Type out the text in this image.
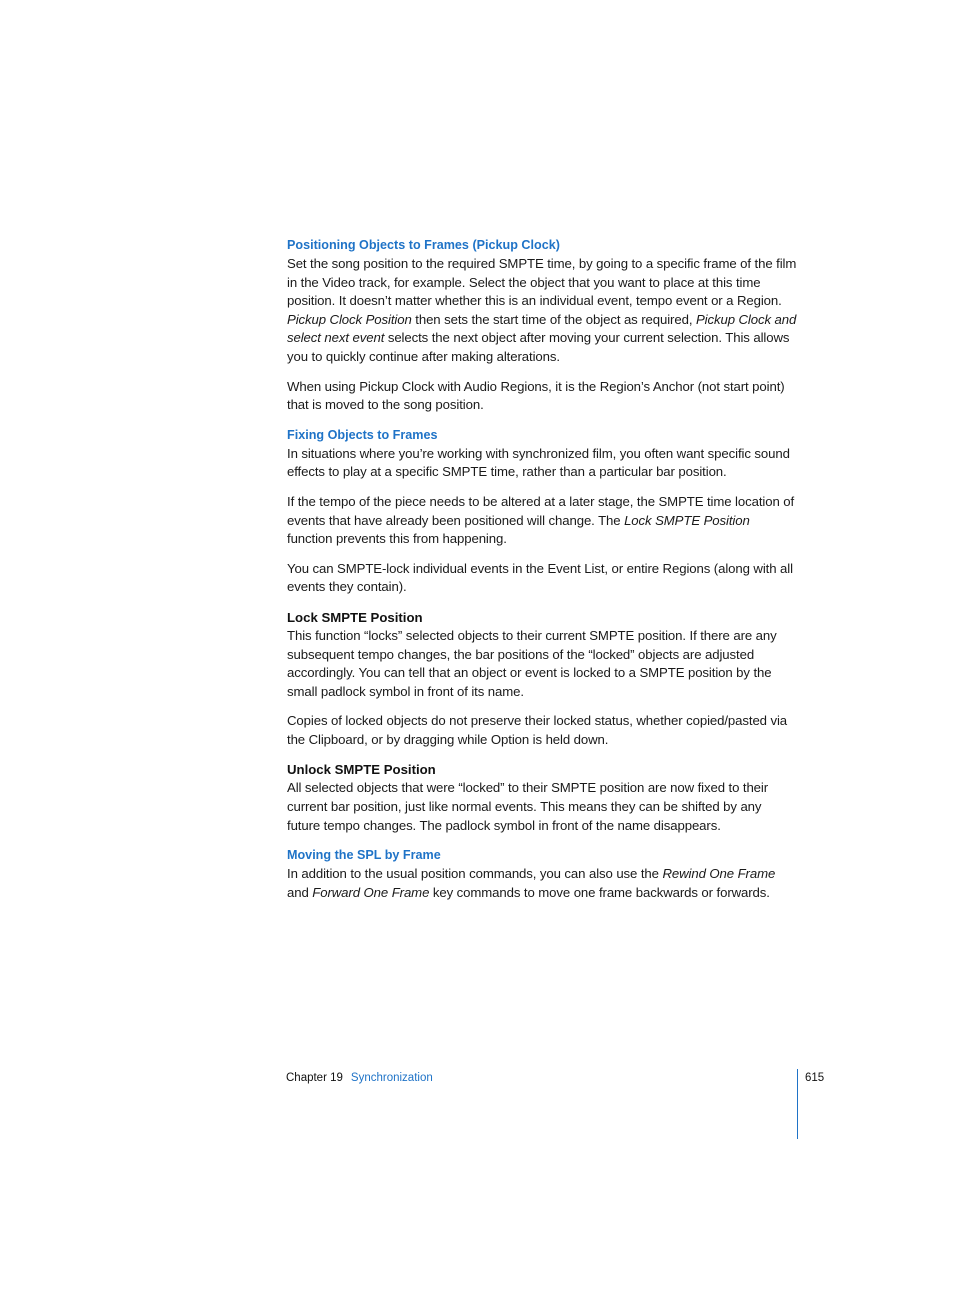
Positioning Objects to Frames (Pickup Clock)

Set the song position to the required SMPTE time, by going to a specific frame of the film in the Video track, for example. Select the object that you want to place at this time position. It doesn’t matter whether this is an individual event, tempo event or a Region. Pickup Clock Position then sets the start time of the object as required, Pickup Clock and select next event selects the next object after moving your current selection. This allows you to quickly continue after making alterations.

When using Pickup Clock with Audio Regions, it is the Region’s Anchor (not start point) that is moved to the song position.

Fixing Objects to Frames

In situations where you’re working with synchronized film, you often want specific sound effects to play at a specific SMPTE time, rather than a particular bar position.

If the tempo of the piece needs to be altered at a later stage, the SMPTE time location of events that have already been positioned will change. The Lock SMPTE Position function prevents this from happening.

You can SMPTE-lock individual events in the Event List, or entire Regions (along with all events they contain).

Lock SMPTE Position

This function “locks” selected objects to their current SMPTE position. If there are any subsequent tempo changes, the bar positions of the “locked” objects are adjusted accordingly. You can tell that an object or event is locked to a SMPTE position by the small padlock symbol in front of its name.

Copies of locked objects do not preserve their locked status, whether copied/pasted via the Clipboard, or by dragging while Option is held down.

Unlock SMPTE Position

All selected objects that were “locked” to their SMPTE position are now fixed to their current bar position, just like normal events. This means they can be shifted by any future tempo changes. The padlock symbol in front of the name disappears.

Moving the SPL by Frame

In addition to the usual position commands, you can also use the Rewind One Frame and Forward One Frame key commands to move one frame backwards or forwards.

Chapter 19 Synchronization	615
